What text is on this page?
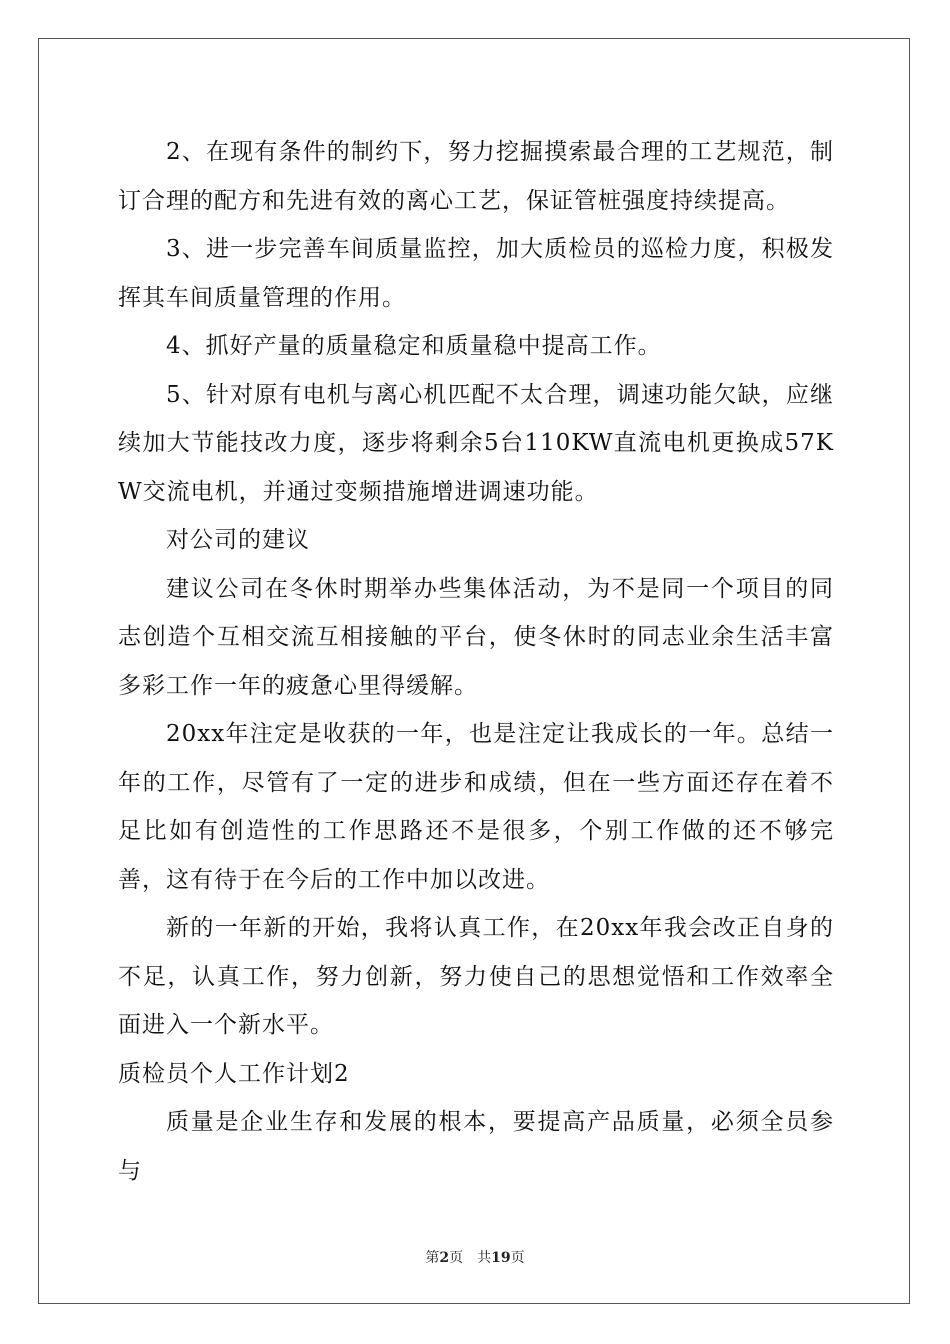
2、在现有条件的制约下，努力挖掘摸索最合理的工艺规范，制订合理的配方和先进有效的离心工艺，保证管桩强度持续提高。

3、进一步完善车间质量监控，加大质检员的巡检力度，积极发挥其车间质量管理的作用。

4、抓好产量的质量稳定和质量稳中提高工作。

5、针对原有电机与离心机匹配不太合理，调速功能欠缺，应继续加大节能技改力度，逐步将剩余5台110KW直流电机更换成57KW交流电机，并通过变频措施增进调速功能。

对公司的建议

建议公司在冬休时期举办些集体活动，为不是同一个项目的同志创造个互相交流互相接触的平台，使冬休时的同志业余生活丰富多彩工作一年的疲惫心里得缓解。

20xx年注定是收获的一年，也是注定让我成长的一年。总结一年的工作，尽管有了一定的进步和成绩，但在一些方面还存在着不足比如有创造性的工作思路还不是很多，个别工作做的还不够完善，这有待于在今后的工作中加以改进。

新的一年新的开始，我将认真工作，在20xx年我会改正自身的不足，认真工作，努力创新，努力使自己的思想觉悟和工作效率全面进入一个新水平。

质检员个人工作计划2

质量是企业生存和发展的根本，要提高产品质量，必须全员参与

第2页 共19页
